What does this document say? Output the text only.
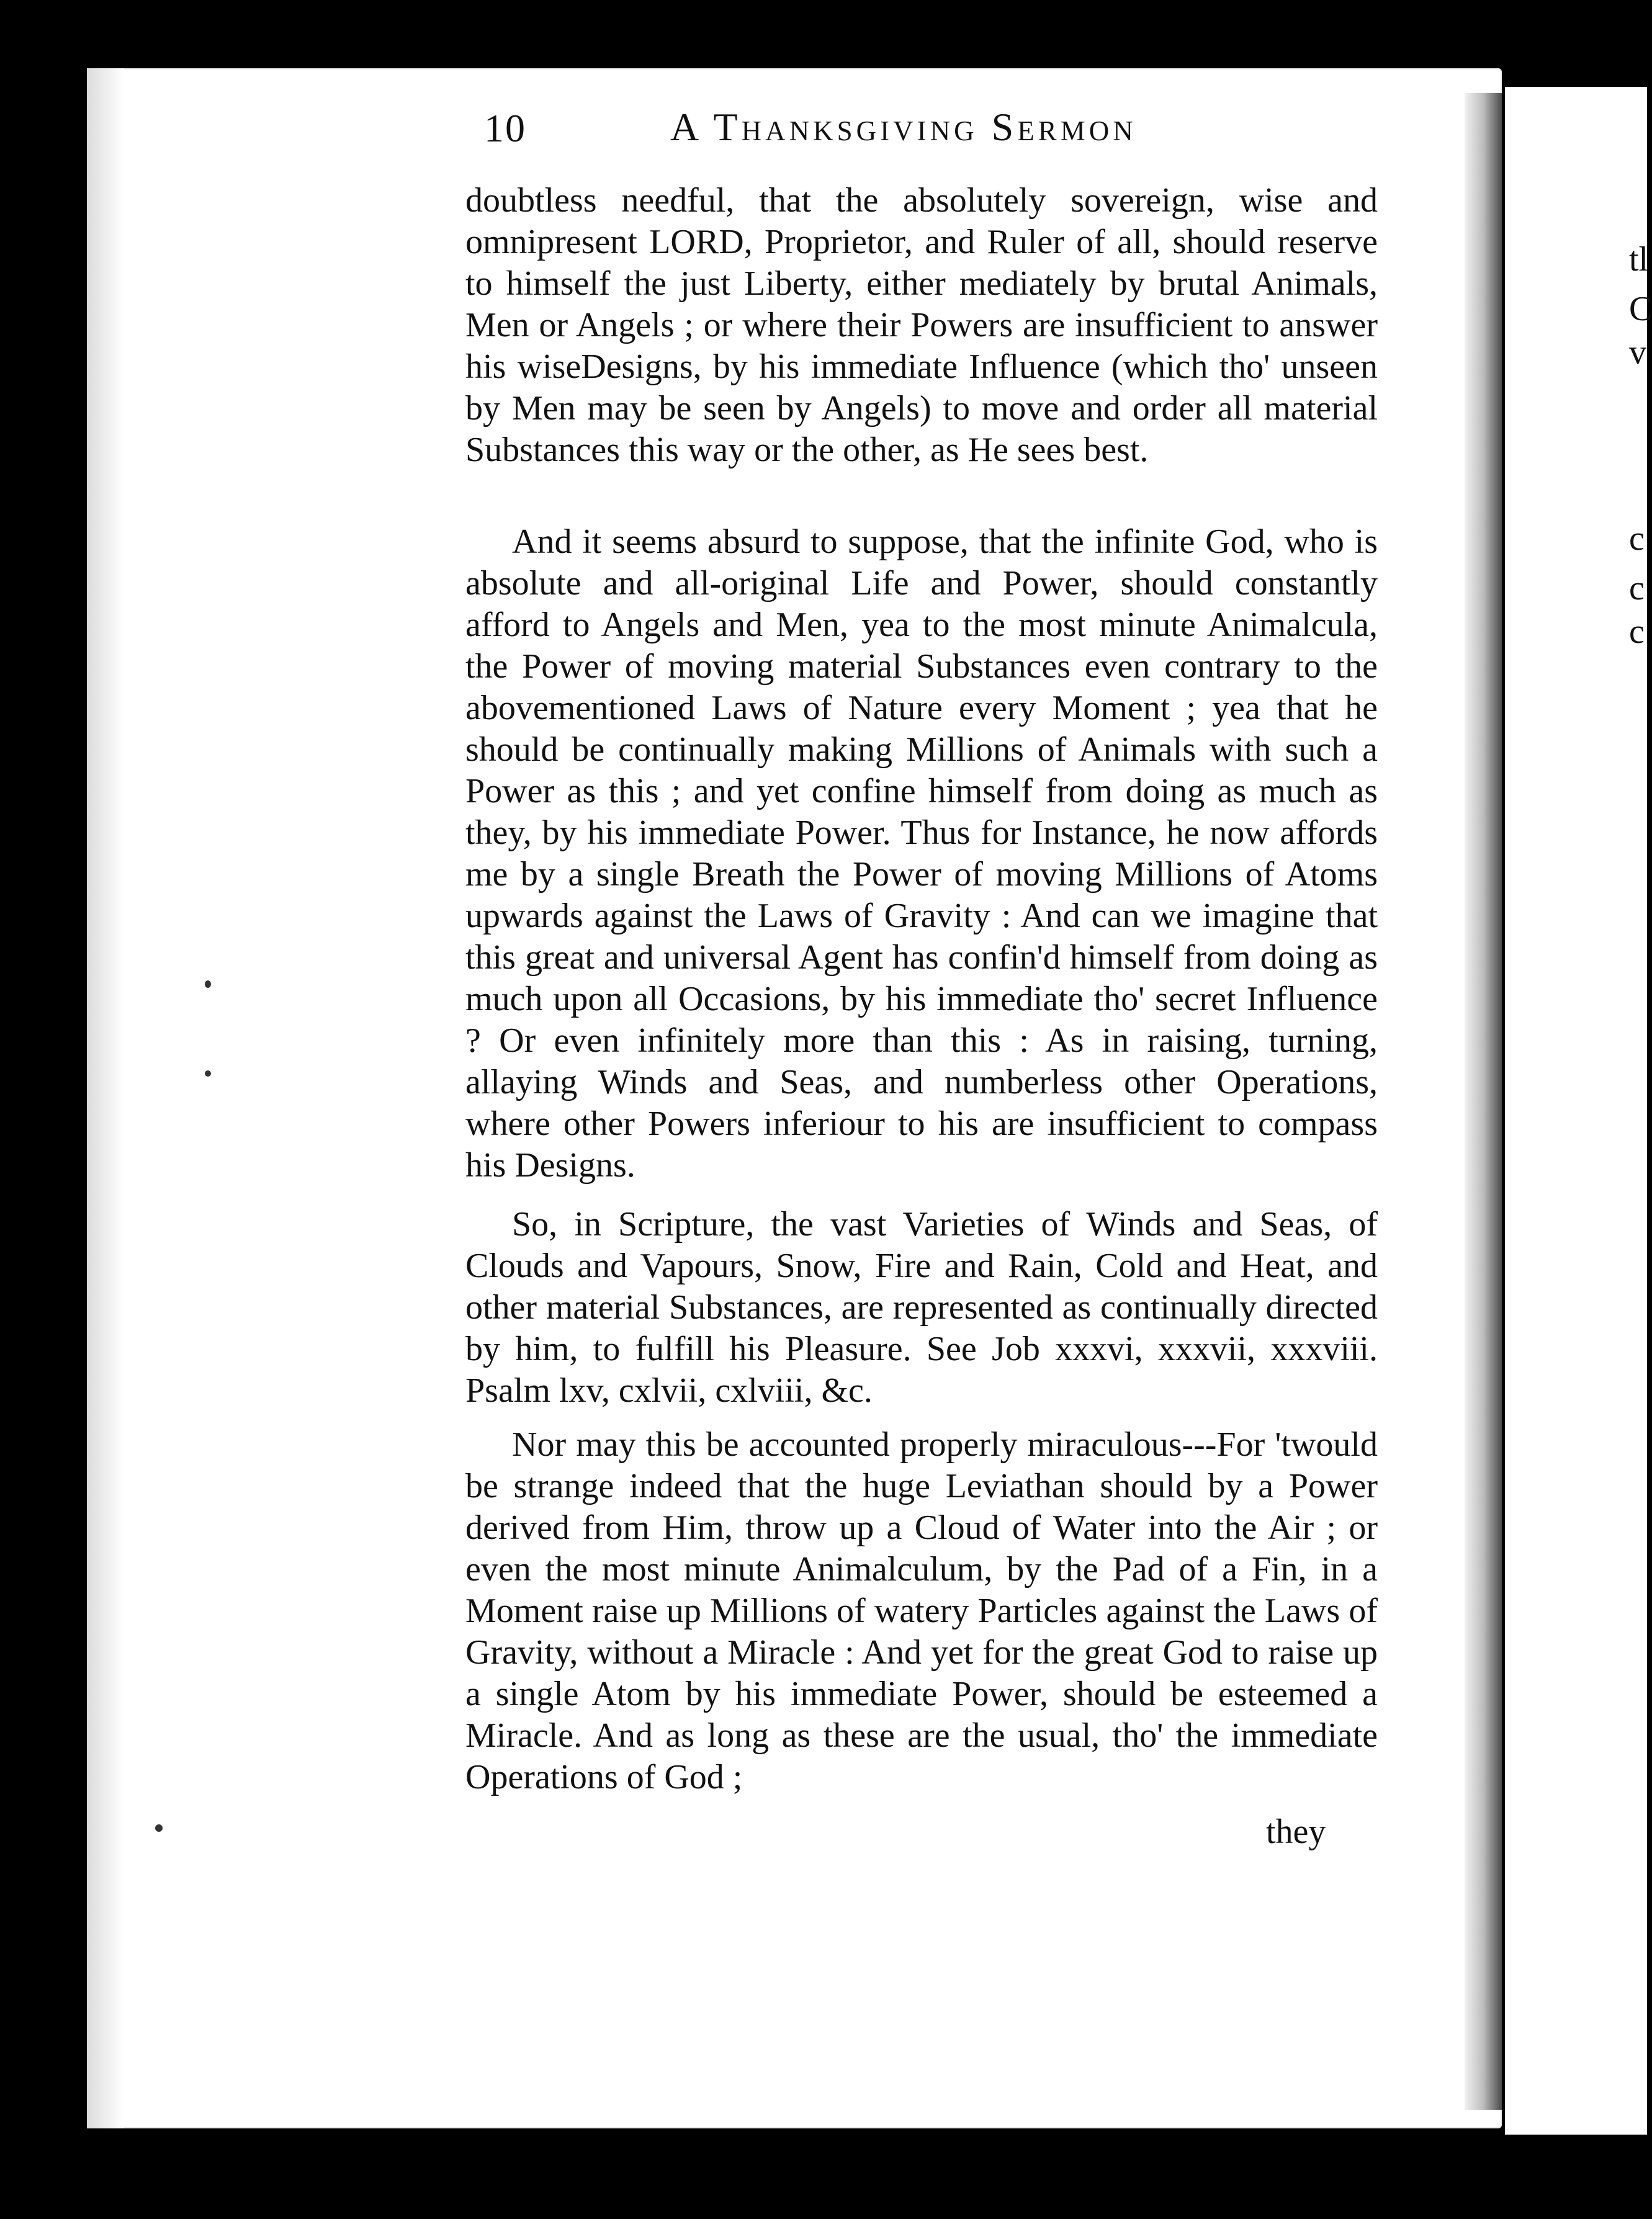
tl
C
v
c
c
c
10	A Thanksgiving Sermon

doubtless needful, that the absolutely sovereign, wise and omnipresent LORD, Proprietor, and Ruler of all, should reserve to himself the just Liberty, either mediately by brutal Animals, Men or Angels ; or where their Powers are insufficient to answer his wiseDesigns, by his immediate Influence (which tho' unseen by Men may be seen by Angels) to move and order all material Substances this way or the other, as He sees best.

And it seems absurd to suppose, that the infinite God, who is absolute and all-original Life and Power, should constantly afford to Angels and Men, yea to the most minute Animalcula, the Power of moving material Substances even contrary to the abovementioned Laws of Nature every Moment ; yea that he should be continually making Millions of Animals with such a Power as this ; and yet confine himself from doing as much as they, by his immediate Power. Thus for Instance, he now affords me by a single Breath the Power of moving Millions of Atoms upwards against the Laws of Gravity : And can we imagine that this great and universal Agent has confin'd himself from doing as much upon all Occasions, by his immediate tho' secret Influence ? Or even infinitely more than this : As in raising, turning, allaying Winds and Seas, and numberless other Operations, where other Powers inferiour to his are insufficient to compass his Designs.

So, in Scripture, the vast Varieties of Winds and Seas, of Clouds and Vapours, Snow, Fire and Rain, Cold and Heat, and other material Substances, are represented as continually directed by him, to fulfill his Pleasure. See Job xxxvi, xxxvii, xxxviii. Psalm lxv, cxlvii, cxlviii, &c.

Nor may this be accounted properly miraculous---For 'twould be strange indeed that the huge Leviathan should by a Power derived from Him, throw up a Cloud of Water into the Air ; or even the most minute Animalculum, by the Pad of a Fin, in a Moment raise up Millions of watery Particles against the Laws of Gravity, without a Miracle : And yet for the great God to raise up a single Atom by his immediate Power, should be esteemed a Miracle. And as long as these are the usual, tho' the immediate Operations of God ;

they
